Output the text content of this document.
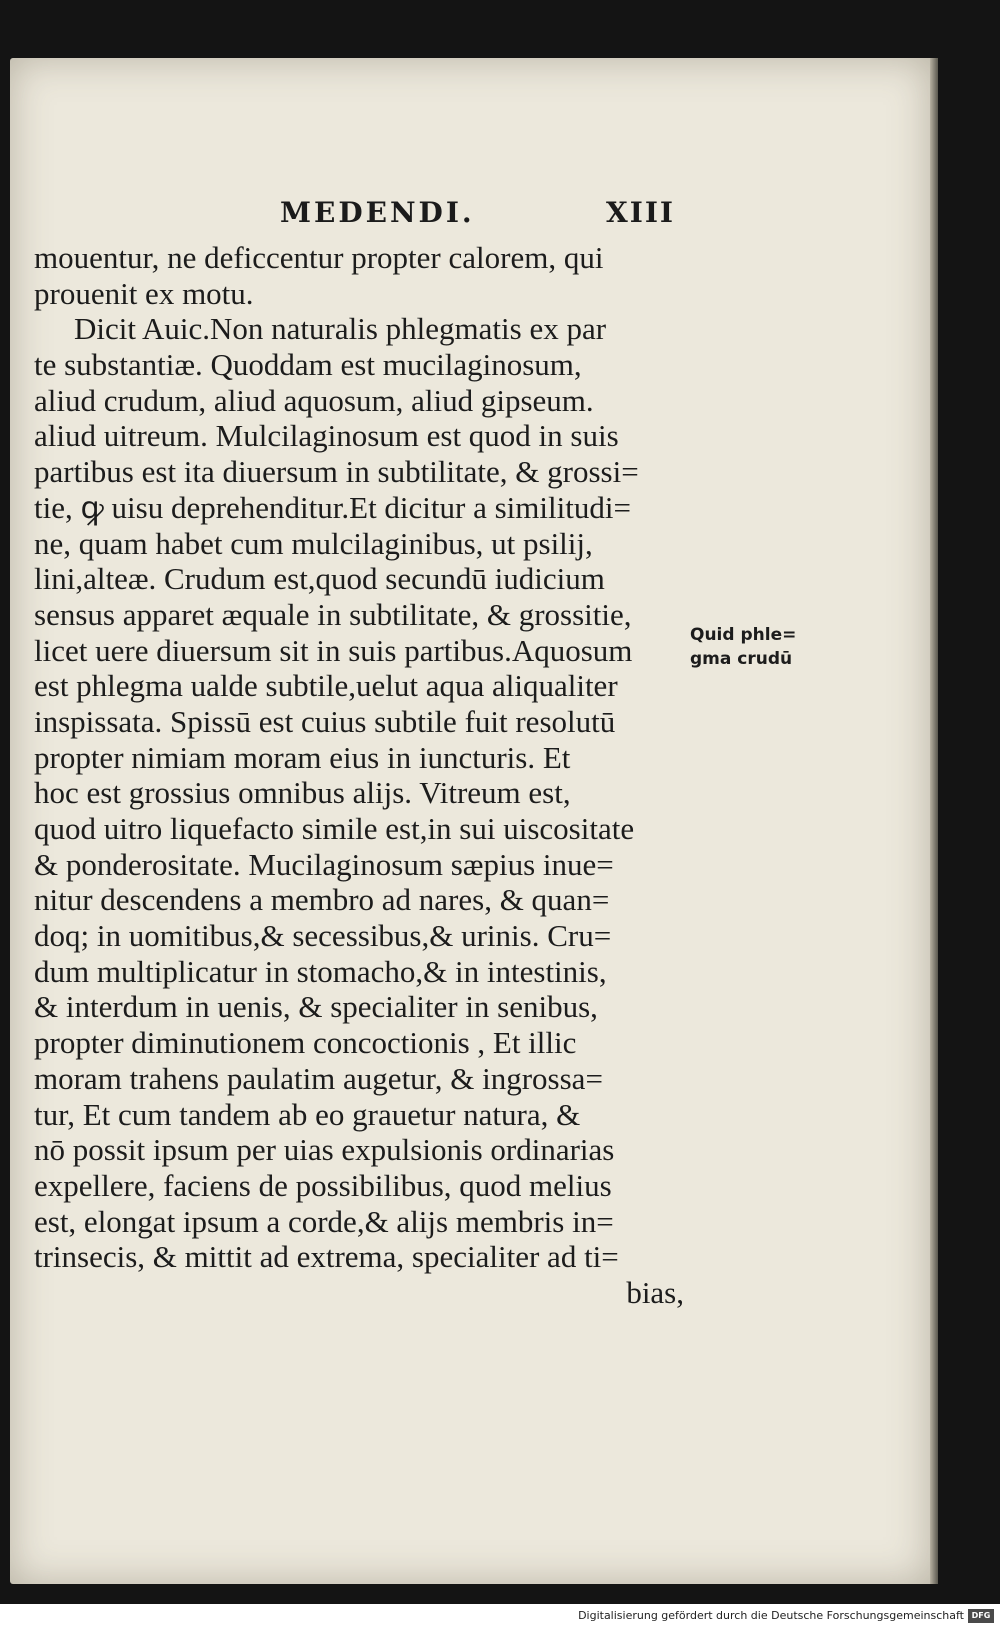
MEDENDI.	XIII
mouentur, ne deficcentur propter calorem, qui
prouenit ex motu.
Dicit Auic.Non naturalis phlegmatis ex par
te substantiæ. Quoddam est mucilaginosum,
aliud crudum, aliud aquosum, aliud gipseum.
aliud uitreum. Mulcilaginosum est quod in suis
partibus est ita diuersum in subtilitate, & grossi=
tie, ꝙ uisu deprehenditur.Et dicitur a similitudi=
ne, quam habet cum mulcilaginibus, ut psilij,
lini,alteæ. Crudum est,quod secundū iudicium
sensus apparet æquale in subtilitate, & grossitie,
licet uere diuersum sit in suis partibus.Aquosum
est phlegma ualde subtile,uelut aqua aliqualiter
inspissata. Spissū est cuius subtile fuit resolutū
propter nimiam moram eius in iuncturis. Et
hoc est grossius omnibus alijs. Vitreum est,
quod uitro liquefacto simile est,in sui uiscositate
& ponderositate. Mucilaginosum sæpius inue=
nitur descendens a membro ad nares, & quan=
doq; in uomitibus,& secessibus,& urinis. Cru=
dum multiplicatur in stomacho,& in intestinis,
& interdum in uenis, & specialiter in senibus,
propter diminutionem concoctionis , Et illic
moram trahens paulatim augetur, & ingrossa=
tur, Et cum tandem ab eo grauetur natura, &
nō possit ipsum per uias expulsionis ordinarias
expellere, faciens de possibilibus, quod melius
est, elongat ipsum a corde,& alijs membris in=
trinsecis, & mittit ad extrema, specialiter ad ti=
bias,
Quid phle=
gma crudū
Digitalisierung gefördert durch die Deutsche Forschungsgemeinschaft DFG
